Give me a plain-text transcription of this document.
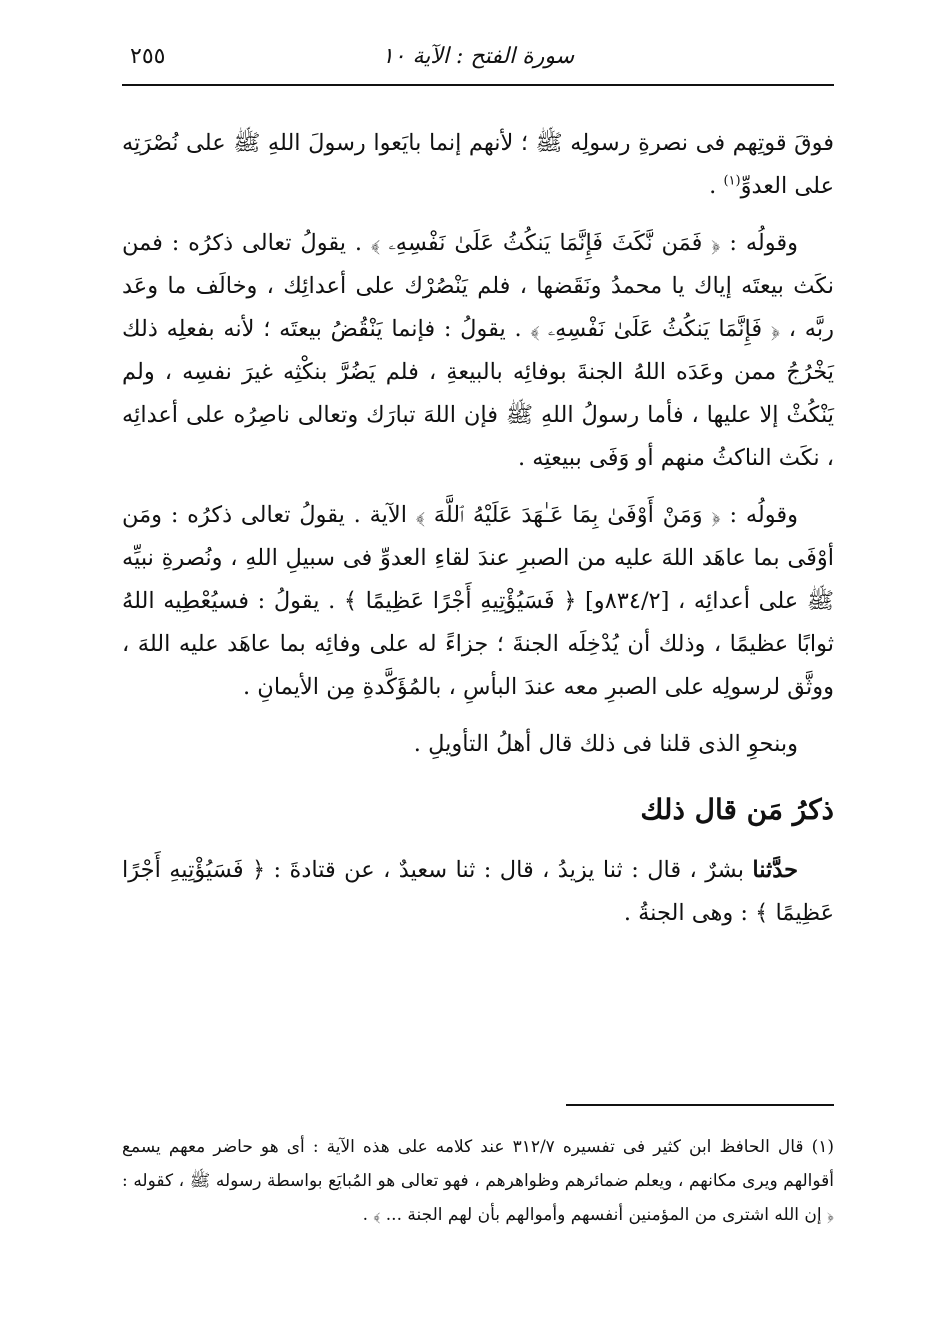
سورة الفتح : الآية ١٠
٢٥٥

فوقَ قوتِهم فى نصرةِ رسولِه ﷺ ؛ لأنهم إنما بايَعوا رسولَ اللهِ ﷺ على نُصْرَتِه على العدوِّ$^{(١)}$ .

وقولُه : ﴿ فَمَن نَّكَثَ فَإِنَّمَا يَنكُثُ عَلَىٰ نَفْسِهِۦ ﴾ . يقولُ تعالى ذكرُه : فمن نكَث بيعتَه إياك يا محمدُ ونَقَضها ، فلم يَنْصُرْك على أعدائِك ، وخالَف ما وعَد ربَّه ، ﴿ فَإِنَّمَا يَنكُثُ عَلَىٰ نَفْسِهِۦ ﴾ . يقولُ : فإنما يَنْقُضُ بيعتَه ؛ لأنه بفعلِه ذلك يَخْرُجُ ممن وعَدَه اللهُ الجنةَ بوفائِه بالبيعةِ ، فلم يَضُرَّ بنكْثِه غيرَ نفسِه ، ولم يَنْكُثْ إلا عليها ، فأما رسولُ اللهِ ﷺ فإن اللهَ تبارَك وتعالى ناصِرُه على أعدائِه ، نكَث الناكثُ منهم أو وَفَى ببيعتِه .

وقولُه : ﴿ وَمَنْ أَوْفَىٰ بِمَا عَـٰهَدَ عَلَيْهُ ٱللَّهَ ﴾ الآية . يقولُ تعالى ذكرُه : ومَن أوْفَى بما عاهَد اللهَ عليه من الصبرِ عندَ لقاءِ العدوِّ فى سبيلِ اللهِ ، ونُصرةِ نبيِّه ﷺ على أعدائِه ، [٨٣٤/٢و] ﴿ فَسَيُؤْتِيهِ أَجْرًا عَظِيمًا ﴾ . يقولُ : فسيُعْطِيه اللهُ ثوابًا عظيمًا ، وذلك أن يُدْخِلَه الجنةَ ؛ جزاءً له على وفائِه بما عاهَد عليه اللهَ ، ووثَّق لرسولِه على الصبرِ معه عندَ البأسِ ، بالمُؤَكَّدةِ مِن الأيمانِ .

وبنحوِ الذى قلنا فى ذلك قال أهلُ التأويلِ .

ذكرُ مَن قال ذلك

حدَّثنا بشرٌ ، قال : ثنا يزيدُ ، قال : ثنا سعيدٌ ، عن قتادةَ : ﴿ فَسَيُؤْتِيهِ أَجْرًا عَظِيمًا ﴾ : وهى الجنةُ .

(١) قال الحافظ ابن كثير فى تفسيره ٣١٢/٧ عند كلامه على هذه الآية : أى هو حاضر معهم يسمع أقوالهم ويرى مكانهم ، ويعلم ضمائرهم وظواهرهم ، فهو تعالى هو المُبايَع بواسطة رسوله ﷺ ، كقوله : ﴿ إن الله اشترى من المؤمنين أنفسهم وأموالهم بأن لهم الجنة ... ﴾ .
